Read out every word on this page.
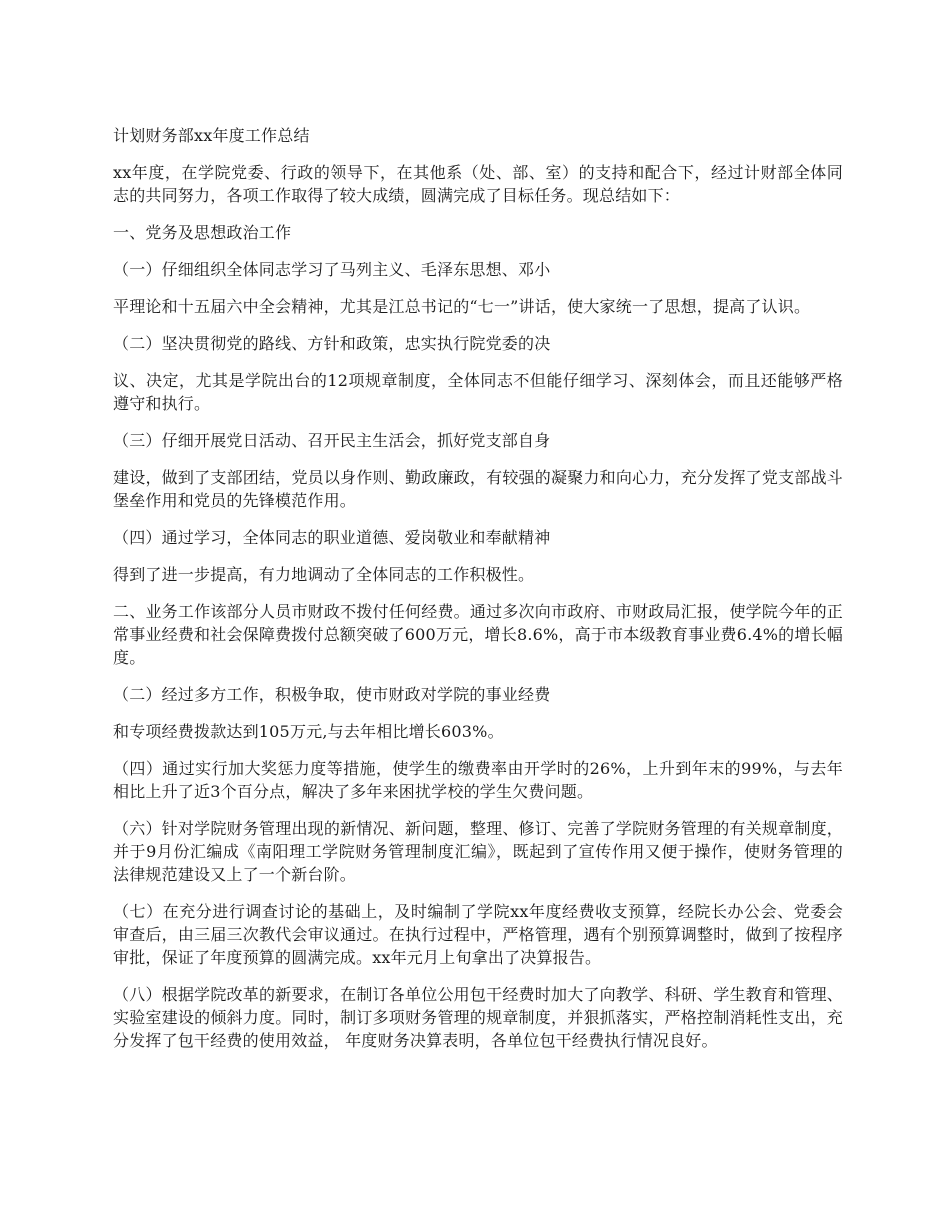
计划财务部xx年度工作总结

xx年度，在学院党委、行政的领导下，在其他系（处、部、室）的支持和配合下，经过计财部全体同志的共同努力，各项工作取得了较大成绩，圆满完成了目标任务。现总结如下：

一、党务及思想政治工作

（一）仔细组织全体同志学习了马列主义、毛泽东思想、邓小

平理论和十五届六中全会精神，尤其是江总书记的“七一”讲话，使大家统一了思想，提高了认识。

（二）坚决贯彻党的路线、方针和政策，忠实执行院党委的决

议、决定，尤其是学院出台的12项规章制度，全体同志不但能仔细学习、深刻体会，而且还能够严格遵守和执行。

（三）仔细开展党日活动、召开民主生活会，抓好党支部自身

建设，做到了支部团结，党员以身作则、勤政廉政，有较强的凝聚力和向心力，充分发挥了党支部战斗堡垒作用和党员的先锋模范作用。

（四）通过学习，全体同志的职业道德、爱岗敬业和奉献精神

得到了进一步提高，有力地调动了全体同志的工作积极性。

二、业务工作该部分人员市财政不拨付任何经费。通过多次向市政府、市财政局汇报，使学院今年的正常事业经费和社会保障费拨付总额突破了600万元，增长8.6%，高于市本级教育事业费6.4%的增长幅度。

（二）经过多方工作，积极争取，使市财政对学院的事业经费

和专项经费拨款达到105万元,与去年相比增长603%。

（四）通过实行加大奖惩力度等措施，使学生的缴费率由开学时的26%，上升到年末的99%，与去年相比上升了近3个百分点，解决了多年来困扰学校的学生欠费问题。

（六）针对学院财务管理出现的新情况、新问题，整理、修订、完善了学院财务管理的有关规章制度，并于9月份汇编成《南阳理工学院财务管理制度汇编》，既起到了宣传作用又便于操作，使财务管理的法律规范建设又上了一个新台阶。

（七）在充分进行调查讨论的基础上，及时编制了学院xx年度经费收支预算，经院长办公会、党委会审查后，由三届三次教代会审议通过。在执行过程中，严格管理，遇有个别预算调整时，做到了按程序审批，保证了年度预算的圆满完成。xx年元月上旬拿出了决算报告。

（八）根据学院改革的新要求，在制订各单位公用包干经费时加大了向教学、科研、学生教育和管理、实验室建设的倾斜力度。同时，制订多项财务管理的规章制度，并狠抓落实，严格控制消耗性支出，充分发挥了包干经费的使用效益， 年度财务决算表明，各单位包干经费执行情况良好。
